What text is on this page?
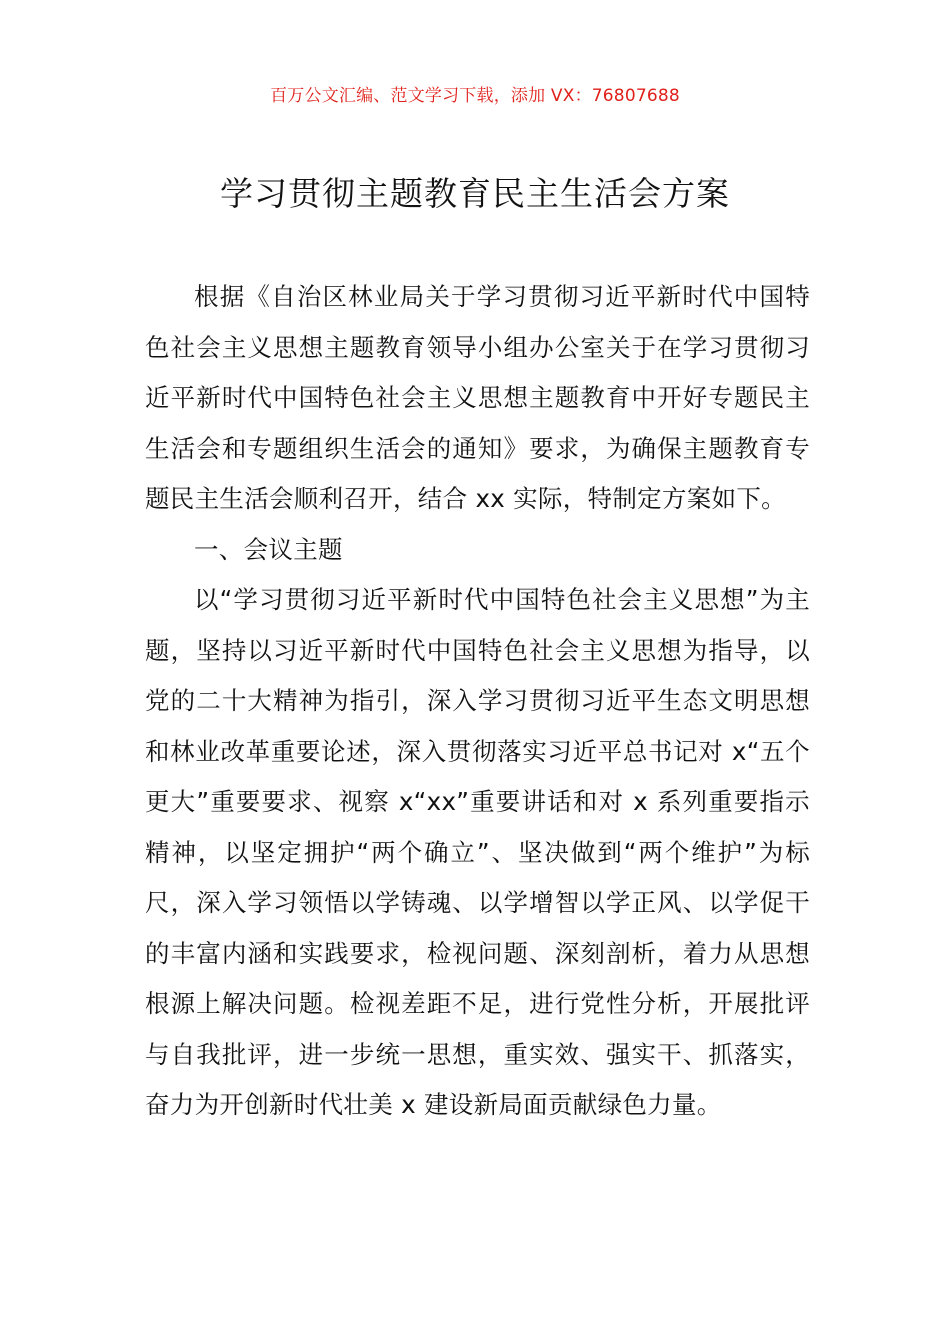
百万公文汇编、范文学习下载，添加 VX：76807688
学习贯彻主题教育民主生活会方案

根据《自治区林业局关于学习贯彻习近平新时代中国特色社会主义思想主题教育领导小组办公室关于在学习贯彻习近平新时代中国特色社会主义思想主题教育中开好专题民主生活会和专题组织生活会的通知》要求，为确保主题教育专题民主生活会顺利召开，结合 xx 实际，特制定方案如下。

一、会议主题

以“学习贯彻习近平新时代中国特色社会主义思想”为主题，坚持以习近平新时代中国特色社会主义思想为指导，以党的二十大精神为指引，深入学习贯彻习近平生态文明思想和林业改革重要论述，深入贯彻落实习近平总书记对 x“五个更大”重要要求、视察 x“xx”重要讲话和对 x 系列重要指示精神，以坚定拥护“两个确立”、坚决做到“两个维护”为标尺，深入学习领悟以学铸魂、以学增智以学正风、以学促干的丰富内涵和实践要求，检视问题、深刻剖析，着力从思想根源上解决问题。检视差距不足，进行党性分析，开展批评与自我批评，进一步统一思想，重实效、强实干、抓落实，奋力为开创新时代壮美 x 建设新局面贡献绿色力量。
